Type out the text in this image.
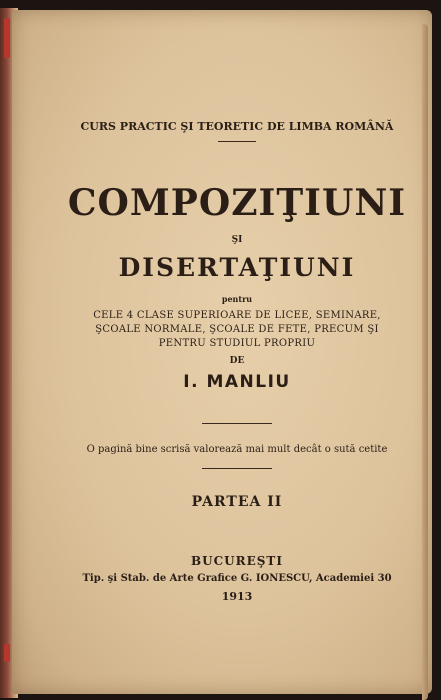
CURS PRACTIC ŞI TEORETIC DE LIMBA ROMÂNĂ
COMPOZIŢIUNI
ŞI
DISERTAŢIUNI
pentru
CELE 4 CLASE SUPERIOARE DE LICEE, SEMINARE,
ŞCOALE NORMALE, ŞCOALE DE FETE, PRECUM ŞI
PENTRU STUDIUL PROPRIU
DE
I. MANLIU
O pagină bine scrisă valorează mai mult decât o sută cetite
PARTEA II
BUCUREŞTI
Tip. şi Stab. de Arte Grafice G. IONESCU, Academiei 30
1913
